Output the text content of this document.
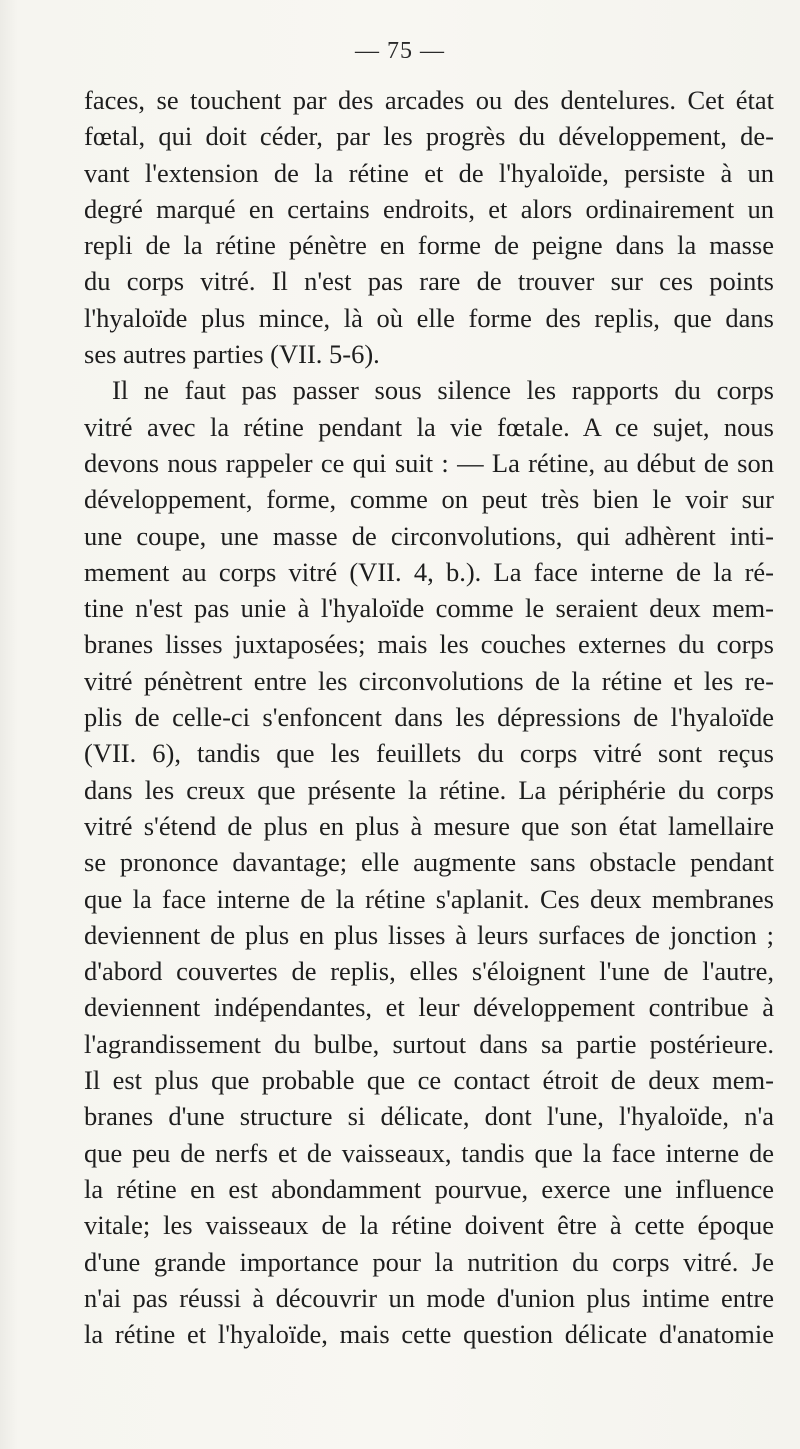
— 75 —
faces, se touchent par des arcades ou des dentelures. Cet état
fœtal, qui doit céder, par les progrès du développement, de-
vant l'extension de la rétine et de l'hyaloïde, persiste à un
degré marqué en certains endroits, et alors ordinairement un
repli de la rétine pénètre en forme de peigne dans la masse
du corps vitré. Il n'est pas rare de trouver sur ces points
l'hyaloïde plus mince, là où elle forme des replis, que dans
ses autres parties (VII. 5-6).
Il ne faut pas passer sous silence les rapports du corps
vitré avec la rétine pendant la vie fœtale. A ce sujet, nous
devons nous rappeler ce qui suit : — La rétine, au début de son
développement, forme, comme on peut très bien le voir sur
une coupe, une masse de circonvolutions, qui adhèrent inti-
mement au corps vitré (VII. 4, b.). La face interne de la ré-
tine n'est pas unie à l'hyaloïde comme le seraient deux mem-
branes lisses juxtaposées; mais les couches externes du corps
vitré pénètrent entre les circonvolutions de la rétine et les re-
plis de celle-ci s'enfoncent dans les dépressions de l'hyaloïde
(VII. 6), tandis que les feuillets du corps vitré sont reçus
dans les creux que présente la rétine. La périphérie du corps
vitré s'étend de plus en plus à mesure que son état lamellaire
se prononce davantage; elle augmente sans obstacle pendant
que la face interne de la rétine s'aplanit. Ces deux membranes
deviennent de plus en plus lisses à leurs surfaces de jonction ;
d'abord couvertes de replis, elles s'éloignent l'une de l'autre,
deviennent indépendantes, et leur développement contribue à
l'agrandissement du bulbe, surtout dans sa partie postérieure.
Il est plus que probable que ce contact étroit de deux mem-
branes d'une structure si délicate, dont l'une, l'hyaloïde, n'a
que peu de nerfs et de vaisseaux, tandis que la face interne de
la rétine en est abondamment pourvue, exerce une influence
vitale; les vaisseaux de la rétine doivent être à cette époque
d'une grande importance pour la nutrition du corps vitré. Je
n'ai pas réussi à découvrir un mode d'union plus intime entre
la rétine et l'hyaloïde, mais cette question délicate d'anatomie
